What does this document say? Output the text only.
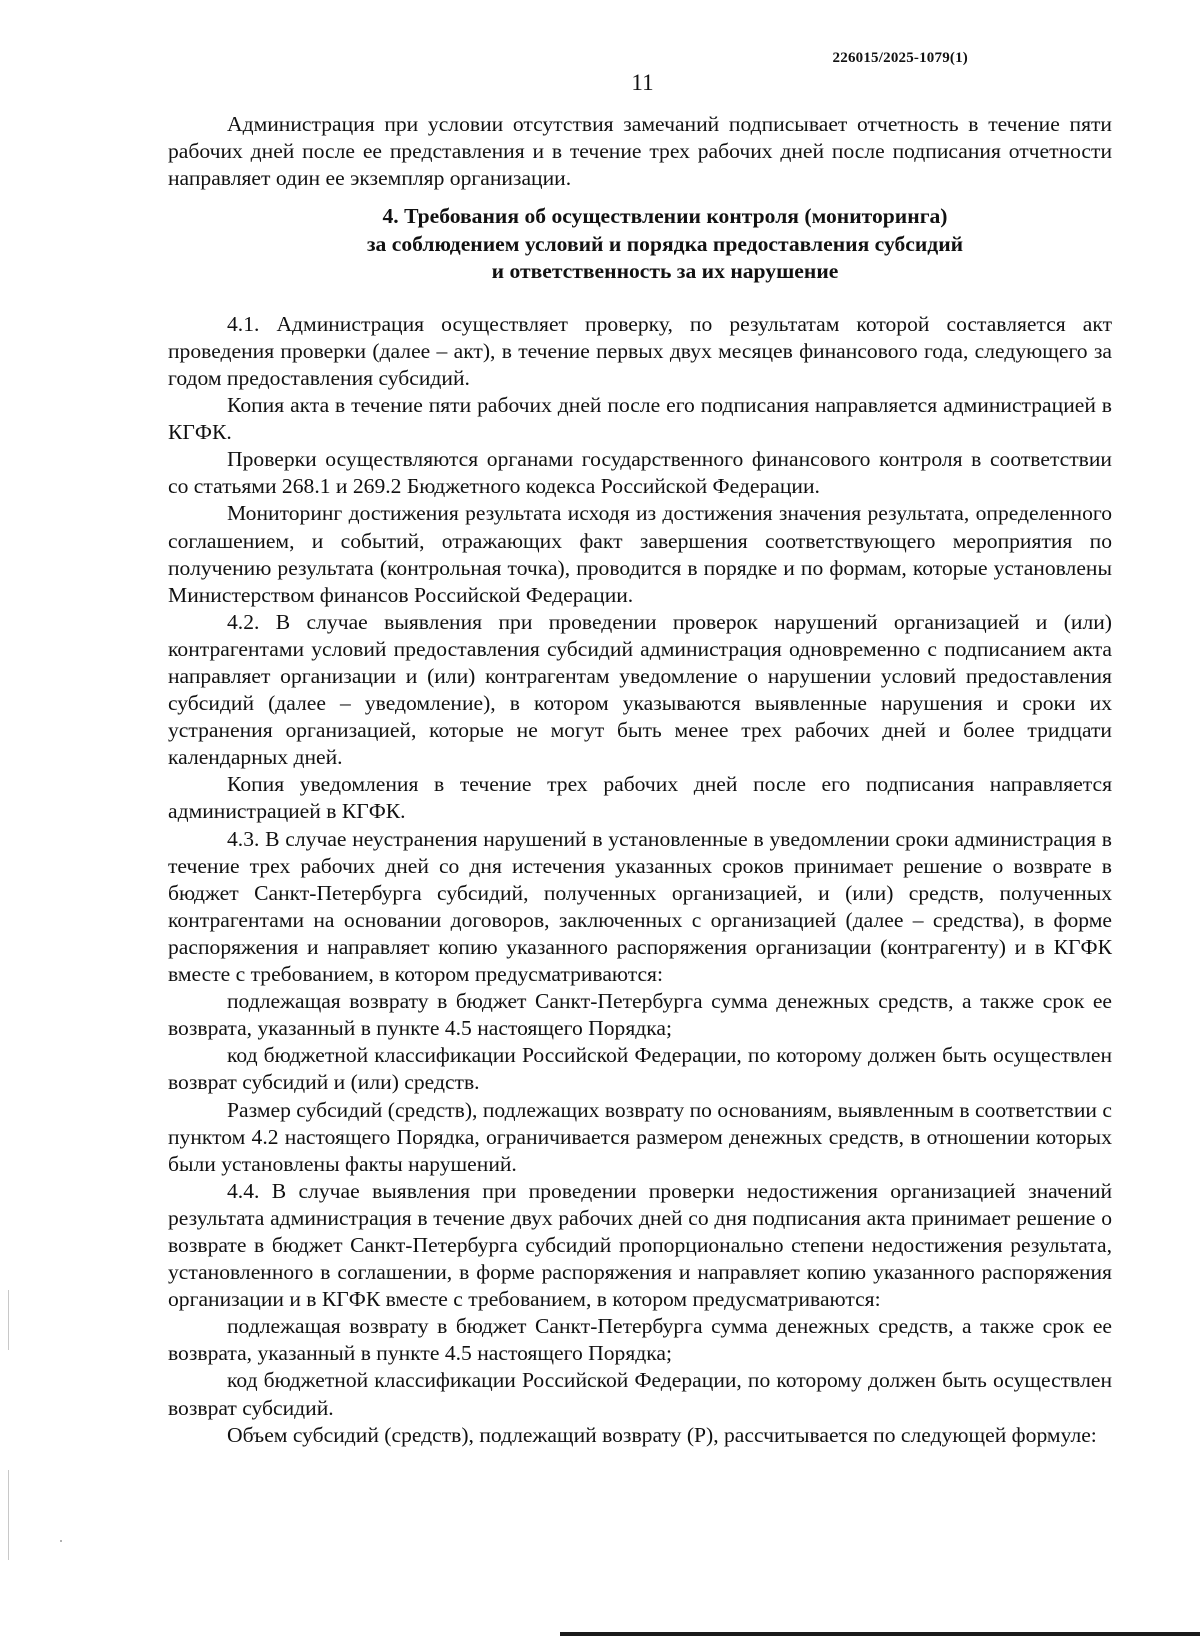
226015/2025-1079(1)
11

Администрация при условии отсутствия замечаний подписывает отчетность в течение пяти рабочих дней после ее представления и в течение трех рабочих дней после подписания отчетности направляет один ее экземпляр организации.

4. Требования об осуществлении контроля (мониторинга)
за соблюдением условий и порядка предоставления субсидий
и ответственность за их нарушение

4.1. Администрация осуществляет проверку, по результатам которой составляется акт проведения проверки (далее – акт), в течение первых двух месяцев финансового года, следующего за годом предоставления субсидий.

Копия акта в течение пяти рабочих дней после его подписания направляется администрацией в КГФК.

Проверки осуществляются органами государственного финансового контроля в соответствии со статьями 268.1 и 269.2 Бюджетного кодекса Российской Федерации.

Мониторинг достижения результата исходя из достижения значения результата, определенного соглашением, и событий, отражающих факт завершения соответствующего мероприятия по получению результата (контрольная точка), проводится в порядке и по формам, которые установлены Министерством финансов Российской Федерации.

4.2. В случае выявления при проведении проверок нарушений организацией и (или) контрагентами условий предоставления субсидий администрация одновременно с подписанием акта направляет организации и (или) контрагентам уведомление о нарушении условий предоставления субсидий (далее – уведомление), в котором указываются выявленные нарушения и сроки их устранения организацией, которые не могут быть менее трех рабочих дней и более тридцати календарных дней.

Копия уведомления в течение трех рабочих дней после его подписания направляется администрацией в КГФК.

4.3. В случае неустранения нарушений в установленные в уведомлении сроки администрация в течение трех рабочих дней со дня истечения указанных сроков принимает решение о возврате в бюджет Санкт-Петербурга субсидий, полученных организацией, и (или) средств, полученных контрагентами на основании договоров, заключенных с организацией (далее – средства), в форме распоряжения и направляет копию указанного распоряжения организации (контрагенту) и в КГФК вместе с требованием, в котором предусматриваются:

подлежащая возврату в бюджет Санкт-Петербурга сумма денежных средств, а также срок ее возврата, указанный в пункте 4.5 настоящего Порядка;

код бюджетной классификации Российской Федерации, по которому должен быть осуществлен возврат субсидий и (или) средств.

Размер субсидий (средств), подлежащих возврату по основаниям, выявленным в соответствии с пунктом 4.2 настоящего Порядка, ограничивается размером денежных средств, в отношении которых были установлены факты нарушений.

4.4. В случае выявления при проведении проверки недостижения организацией значений результата администрация в течение двух рабочих дней со дня подписания акта принимает решение о возврате в бюджет Санкт-Петербурга субсидий пропорционально степени недостижения результата, установленного в соглашении, в форме распоряжения и направляет копию указанного распоряжения организации и в КГФК вместе с требованием, в котором предусматриваются:

подлежащая возврату в бюджет Санкт-Петербурга сумма денежных средств, а также срок ее возврата, указанный в пункте 4.5 настоящего Порядка;

код бюджетной классификации Российской Федерации, по которому должен быть осуществлен возврат субсидий.

Объем субсидий (средств), подлежащий возврату (Р), рассчитывается по следующей формуле:
